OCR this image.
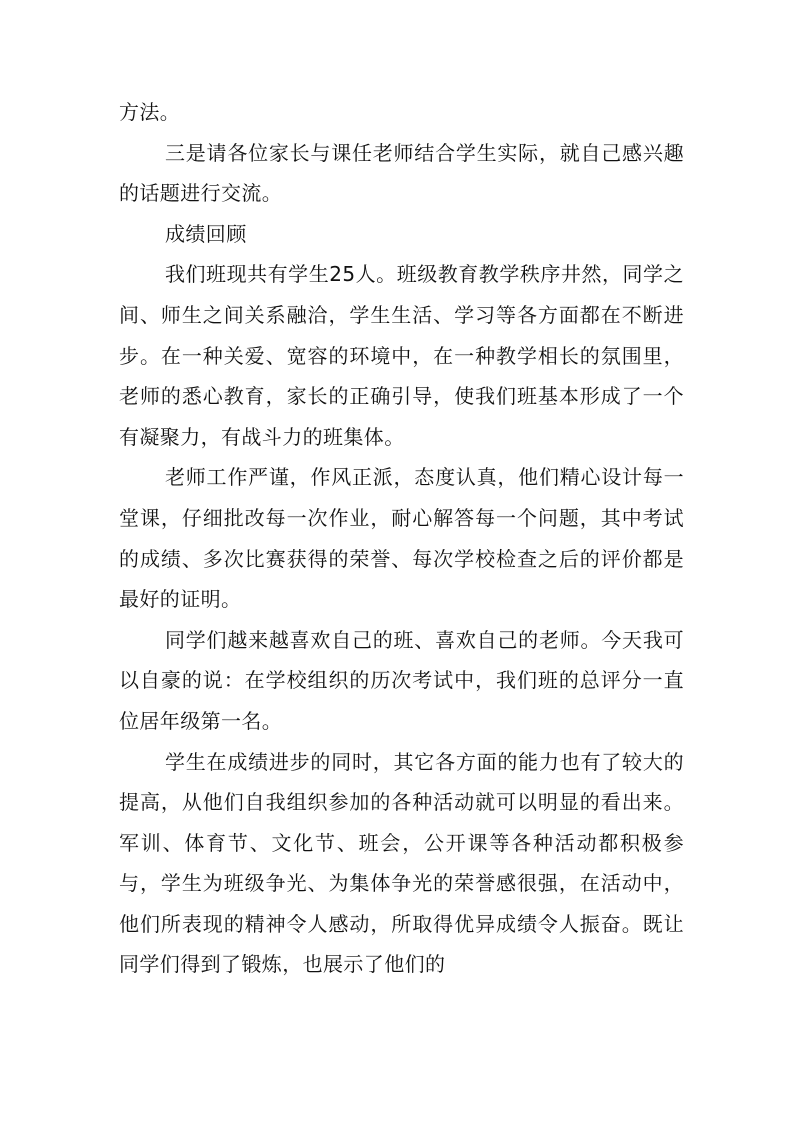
方法。

三是请各位家长与课任老师结合学生实际，就自己感兴趣的话题进行交流。

成绩回顾

我们班现共有学生25人。班级教育教学秩序井然，同学之间、师生之间关系融洽，学生生活、学习等各方面都在不断进步。在一种关爱、宽容的环境中，在一种教学相长的氛围里，老师的悉心教育，家长的正确引导，使我们班基本形成了一个有凝聚力，有战斗力的班集体。

老师工作严谨，作风正派，态度认真，他们精心设计每一堂课，仔细批改每一次作业，耐心解答每一个问题，其中考试的成绩、多次比赛获得的荣誉、每次学校检查之后的评价都是最好的证明。

同学们越来越喜欢自己的班、喜欢自己的老师。今天我可以自豪的说：在学校组织的历次考试中，我们班的总评分一直位居年级第一名。

学生在成绩进步的同时，其它各方面的能力也有了较大的提高，从他们自我组织参加的各种活动就可以明显的看出来。军训、体育节、文化节、班会，公开课等各种活动都积极参与，学生为班级争光、为集体争光的荣誉感很强，在活动中，他们所表现的精神令人感动，所取得优异成绩令人振奋。既让同学们得到了锻炼，也展示了他们的
